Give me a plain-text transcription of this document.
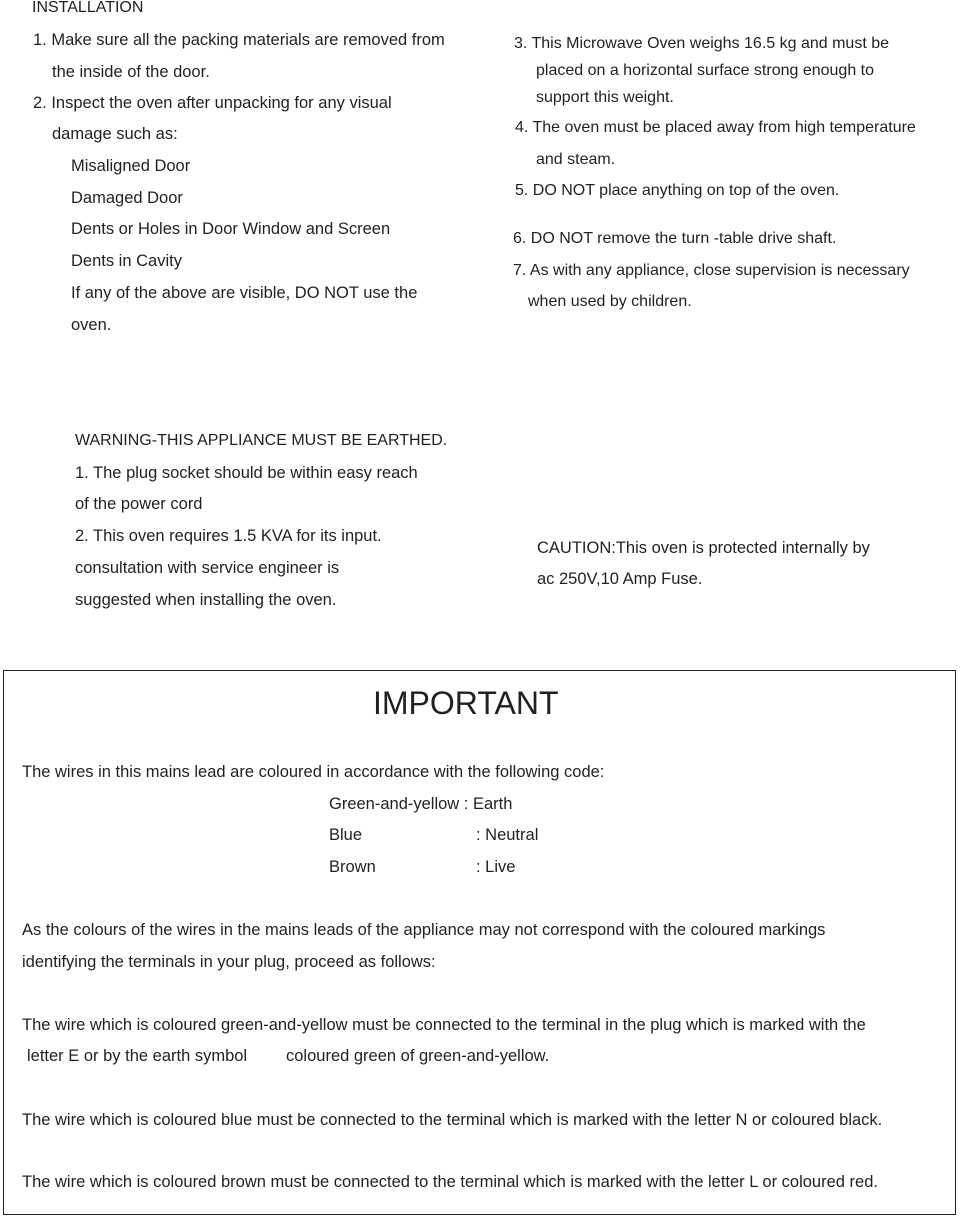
INSTALLATION
1. Make sure all the packing materials are removed from
the inside of the door.
2. Inspect the oven after unpacking for any visual
damage such as:
Misaligned Door
Damaged Door
Dents or Holes in Door Window and Screen
Dents in Cavity
If any of the above are visible, DO NOT use the
oven.
3. This Microwave Oven weighs 16.5 kg and must be
placed on a horizontal surface strong enough to
support this weight.
4. The oven must be placed away from high temperature
and steam.
5. DO NOT place anything on top of the oven.
6. DO NOT remove the turn -table drive shaft.
7. As with any appliance, close supervision is necessary
when used by children.
WARNING-THIS APPLIANCE MUST BE EARTHED.
1. The plug socket should be within easy reach
of the power cord
2. This oven requires 1.5 KVA for its input.
consultation with service engineer is
suggested when installing the oven.
CAUTION:This oven is protected internally by
ac 250V,10 Amp Fuse.
IMPORTANT
The wires in this mains lead are coloured in accordance with the following code:
Green-and-yellow : Earth
Blue	: Neutral
Brown	: Live
As the colours of the wires in the mains leads of the appliance may not correspond with the coloured markings
identifying the terminals in your plug, proceed as follows:
The wire which is coloured green-and-yellow must be connected to the terminal in the plug which is marked with the
letter E or by the earth symbol coloured green of green-and-yellow.
The wire which is coloured blue must be connected to the terminal which is marked with the letter N or coloured black.
The wire which is coloured brown must be connected to the terminal which is marked with the letter L or coloured red.
